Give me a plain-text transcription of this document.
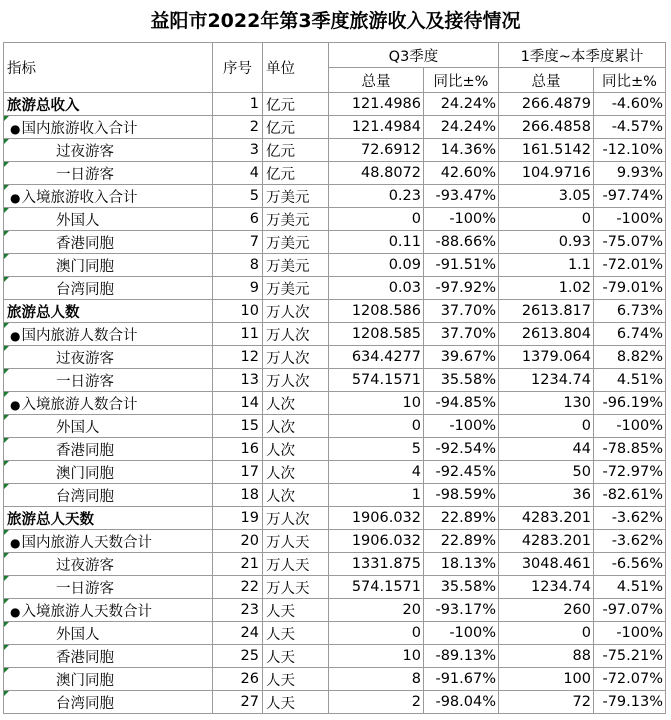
益阳市2022年第3季度旅游收入及接待情况
指标	序号	单位	Q3季度		1季度~本季度累计	
			总量	同比±%	总量	同比±%
旅游总收入	1	亿元	121.4986	24.24%	266.4879	-4.60%
●国内旅游收入合计	2	亿元	121.4984	24.24%	266.4858	-4.57%
过夜游客	3	亿元	72.6912	14.36%	161.5142	-12.10%
一日游客	4	亿元	48.8072	42.60%	104.9716	9.93%
●入境旅游收入合计	5	万美元	0.23	-93.47%	3.05	-97.74%
外国人	6	万美元	0	-100%	0	-100%
香港同胞	7	万美元	0.11	-88.66%	0.93	-75.07%
澳门同胞	8	万美元	0.09	-91.51%	1.1	-72.01%
台湾同胞	9	万美元	0.03	-97.92%	1.02	-79.01%
旅游总人数	10	万人次	1208.586	37.70%	2613.817	6.73%
●国内旅游人数合计	11	万人次	1208.585	37.70%	2613.804	6.74%
过夜游客	12	万人次	634.4277	39.67%	1379.064	8.82%
一日游客	13	万人次	574.1571	35.58%	1234.74	4.51%
●入境旅游人数合计	14	人次	10	-94.85%	130	-96.19%
外国人	15	人次	0	-100%	0	-100%
香港同胞	16	人次	5	-92.54%	44	-78.85%
澳门同胞	17	人次	4	-92.45%	50	-72.97%
台湾同胞	18	人次	1	-98.59%	36	-82.61%
旅游总人天数	19	万人次	1906.032	22.89%	4283.201	-3.62%
●国内旅游人天数合计	20	万人天	1906.032	22.89%	4283.201	-3.62%
过夜游客	21	万人天	1331.875	18.13%	3048.461	-6.56%
一日游客	22	万人天	574.1571	35.58%	1234.74	4.51%
●入境旅游人天数合计	23	人天	20	-93.17%	260	-97.07%
外国人	24	人天	0	-100%	0	-100%
香港同胞	25	人天	10	-89.13%	88	-75.21%
澳门同胞	26	人天	8	-91.67%	100	-72.07%
台湾同胞	27	人天	2	-98.04%	72	-79.13%
